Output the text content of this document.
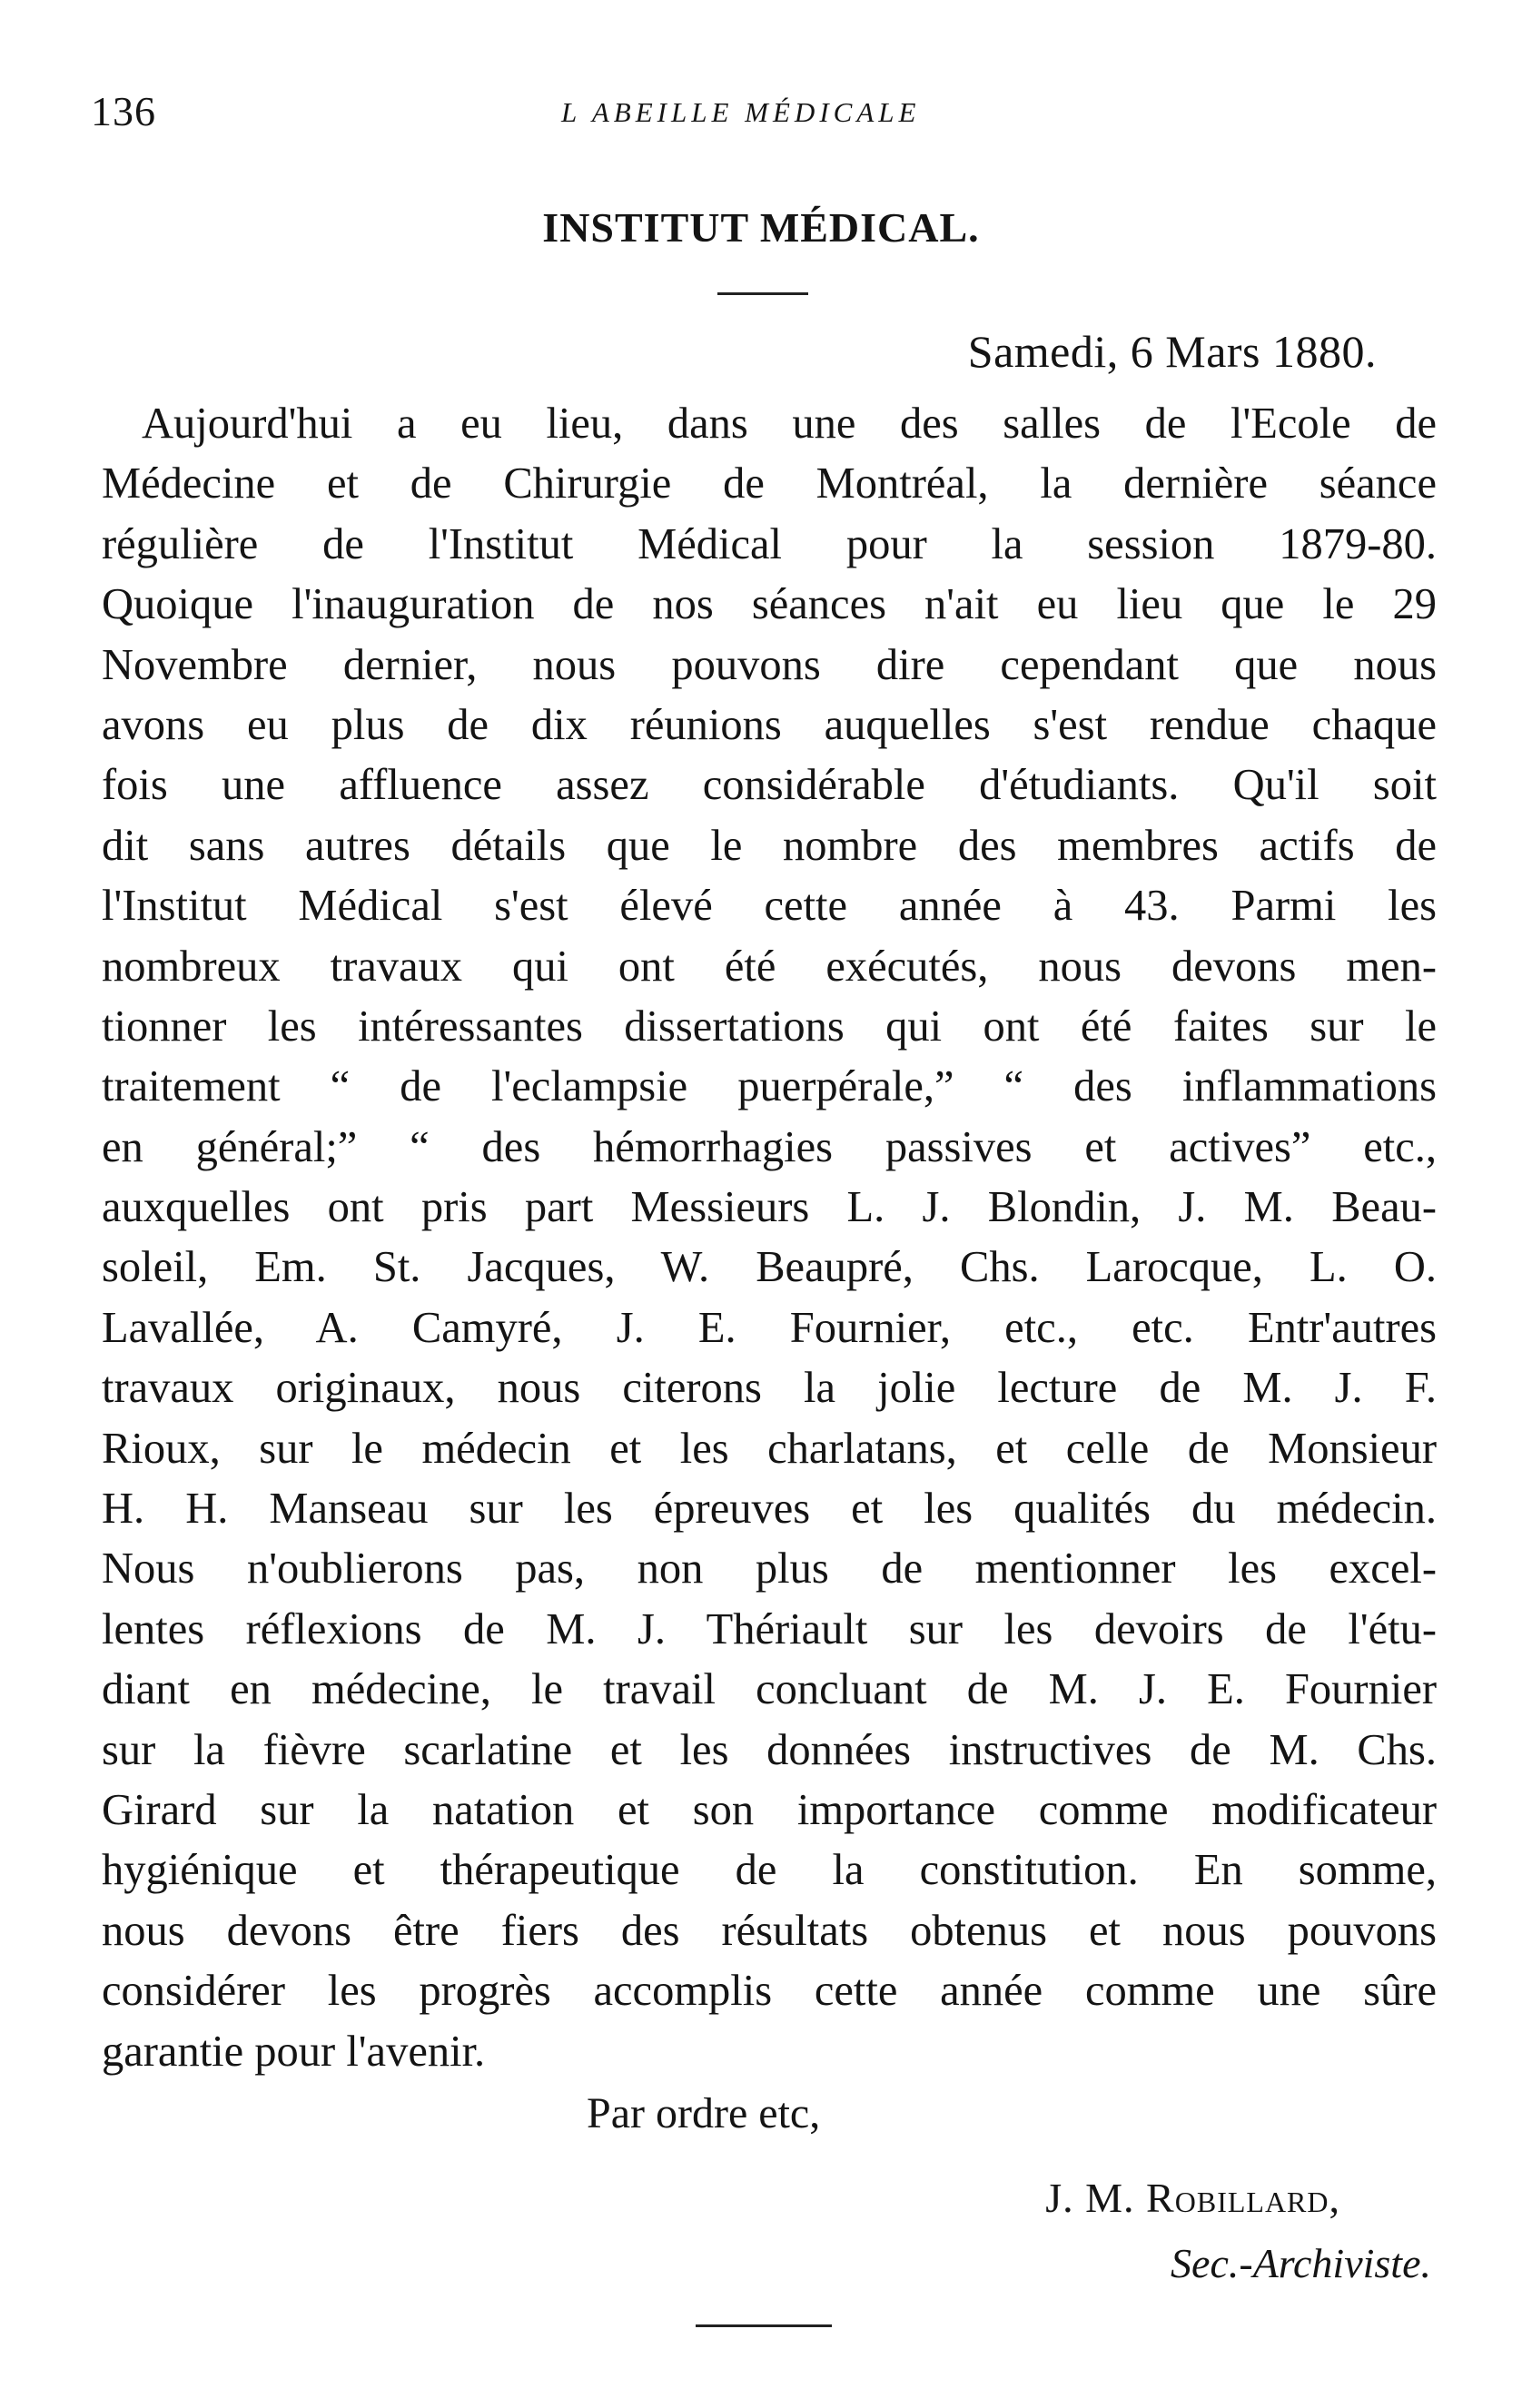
136	L ABEILLE MÉDICALE
INSTITUT MÉDICAL.
Samedi, 6 Mars 1880.
Aujourd'hui a eu lieu, dans une des salles de l'Ecole de
Médecine et de Chirurgie de Montréal, la dernière séance
régulière de l'Institut Médical pour la session 1879-80.
Quoique l'inauguration de nos séances n'ait eu lieu que le 29
Novembre dernier, nous pouvons dire cependant que nous
avons eu plus de dix réunions auquelles s'est rendue chaque
fois une affluence assez considérable d'étudiants. Qu'il soit
dit sans autres détails que le nombre des membres actifs de
l'Institut Médical s'est élevé cette année à 43. Parmi les
nombreux travaux qui ont été exécutés, nous devons men-
tionner les intéressantes dissertations qui ont été faites sur le
traitement “ de l'eclampsie puerpérale,” “ des inflammations
en général;” “ des hémorrhagies passives et actives” etc.,
auxquelles ont pris part Messieurs L. J. Blondin, J. M. Beau-
soleil, Em. St. Jacques, W. Beaupré, Chs. Larocque, L. O.
Lavallée, A. Camyré, J. E. Fournier, etc., etc. Entr'autres
travaux originaux, nous citerons la jolie lecture de M. J. F.
Rioux, sur le médecin et les charlatans, et celle de Monsieur
H. H. Manseau sur les épreuves et les qualités du médecin.
Nous n'oublierons pas, non plus de mentionner les excel-
lentes réflexions de M. J. Thériault sur les devoirs de l'étu-
diant en médecine, le travail concluant de M. J. E. Fournier
sur la fièvre scarlatine et les données instructives de M. Chs.
Girard sur la natation et son importance comme modificateur
hygiénique et thérapeutique de la constitution. En somme,
nous devons être fiers des résultats obtenus et nous pouvons
considérer les progrès accomplis cette année comme une sûre
garantie pour l'avenir.
Par ordre etc,
J. M. Robillard,
Sec.-Archiviste.
